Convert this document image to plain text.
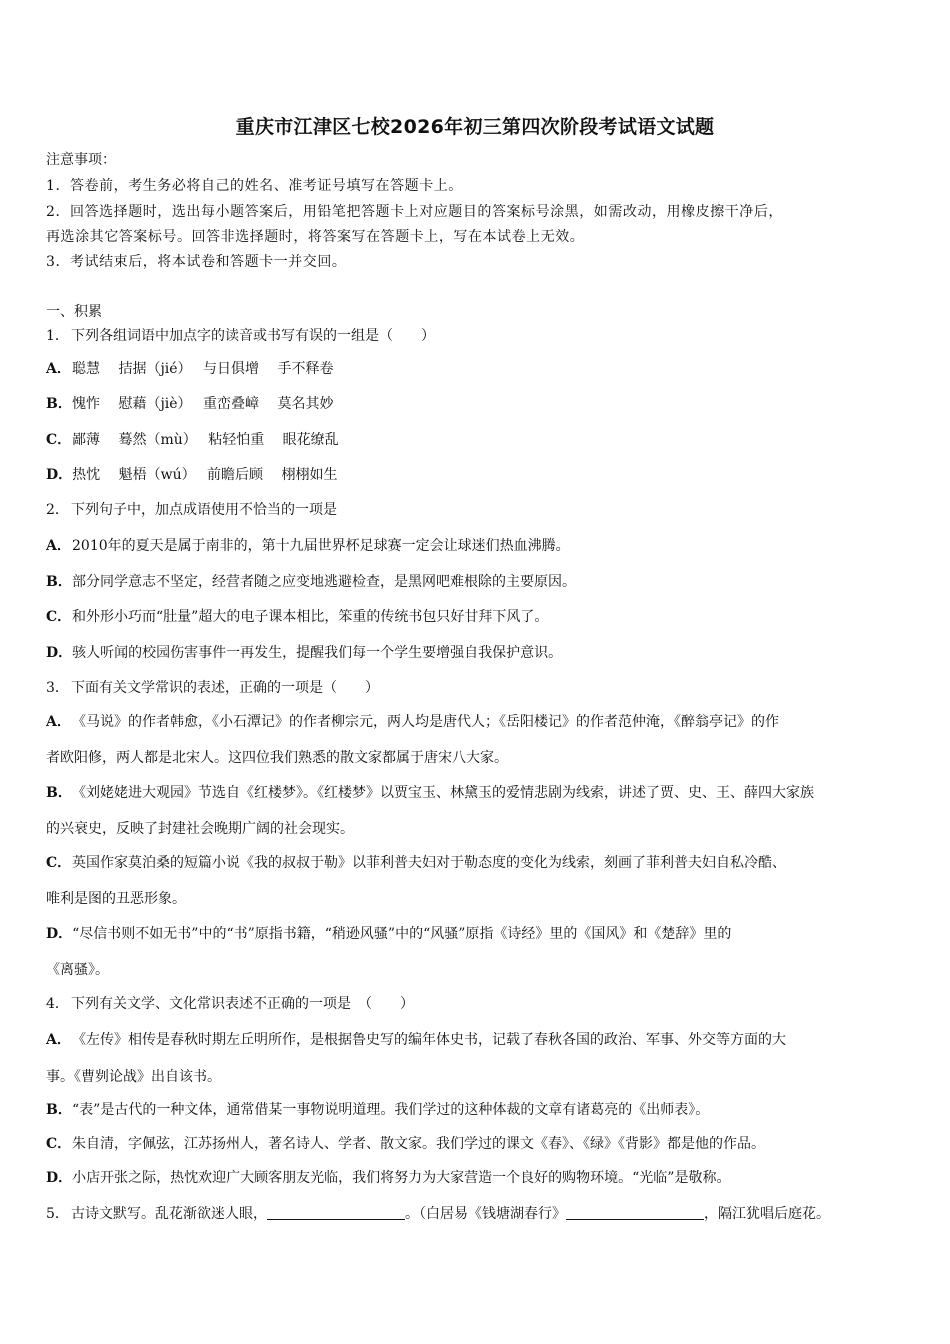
重庆市江津区七校2026年初三第四次阶段考试语文试题
注意事项：
1．答卷前，考生务必将自己的姓名、准考证号填写在答题卡上。
2．回答选择题时，选出每小题答案后，用铅笔把答题卡上对应题目的答案标号涂黑，如需改动，用橡皮擦干净后，
再选涂其它答案标号。回答非选择题时，将答案写在答题卡上，写在本试卷上无效。
3．考试结束后，将本试卷和答题卡一并交回。
一、积累
1． 下列各组词语中加点字的读音或书写有误的一组是（　　）
A．聪慧　 拮据（jié）　 与日俱增　 手不释卷
B．愧怍　 慰藉（jiè）　 重峦叠嶂　 莫名其妙
C．鄙薄　 蓦然（mù）　 粘轻怕重　 眼花缭乱
D．热忱　 魁梧（wú）　 前瞻后顾　 栩栩如生
2． 下列句子中，加点成语使用不恰当的一项是
A．2010年的夏天是属于南非的，第十九届世界杯足球赛一定会让球迷们热血沸腾。
B．部分同学意志不坚定，经营者随之应变地逃避检查，是黑网吧难根除的主要原因。
C．和外形小巧而“肚量”超大的电子课本相比，笨重的传统书包只好甘拜下风了。
D．骇人听闻的校园伤害事件一再发生，提醒我们每一个学生要增强自我保护意识。
3． 下面有关文学常识的表述，正确的一项是（　　）
A．《马说》的作者韩愈，《小石潭记》的作者柳宗元，两人均是唐代人；《岳阳楼记》的作者范仲淹，《醉翁亭记》的作
者欧阳修，两人都是北宋人。这四位我们熟悉的散文家都属于唐宋八大家。
B．《刘姥姥进大观园》节选自《红楼梦》。《红楼梦》以贾宝玉、林黛玉的爱情悲剧为线索，讲述了贾、史、王、薛四大家族
的兴衰史，反映了封建社会晚期广阔的社会现实。
C．英国作家莫泊桑的短篇小说《我的叔叔于勒》以菲利普夫妇对于勒态度的变化为线索，刻画了菲利普夫妇自私冷酷、
唯利是图的丑恶形象。
D．“尽信书则不如无书”中的“书”原指书籍，“稍逊风骚”中的“风骚”原指《诗经》里的《国风》和《楚辞》里的
《离骚》。
4． 下列有关文学、文化常识表述不正确的一项是　（　　）
A．《左传》相传是春秋时期左丘明所作，是根据鲁史写的编年体史书，记载了春秋各国的政治、军事、外交等方面的大
事。《曹刿论战》出自该书。
B．“表”是古代的一种文体，通常借某一事物说明道理。我们学过的这种体裁的文章有诸葛亮的《出师表》。
C．朱自清，字佩弦，江苏扬州人，著名诗人、学者、散文家。我们学过的课文《春》、《绿》《背影》都是他的作品。
D．小店开张之际，热忱欢迎广大顾客朋友光临，我们将努力为大家营造一个良好的购物环境。“光临”是敬称。
5． 古诗文默写。乱花渐欲迷人眼，	。（白居易《钱塘湖春行》	，隔江犹唱后庭花。
